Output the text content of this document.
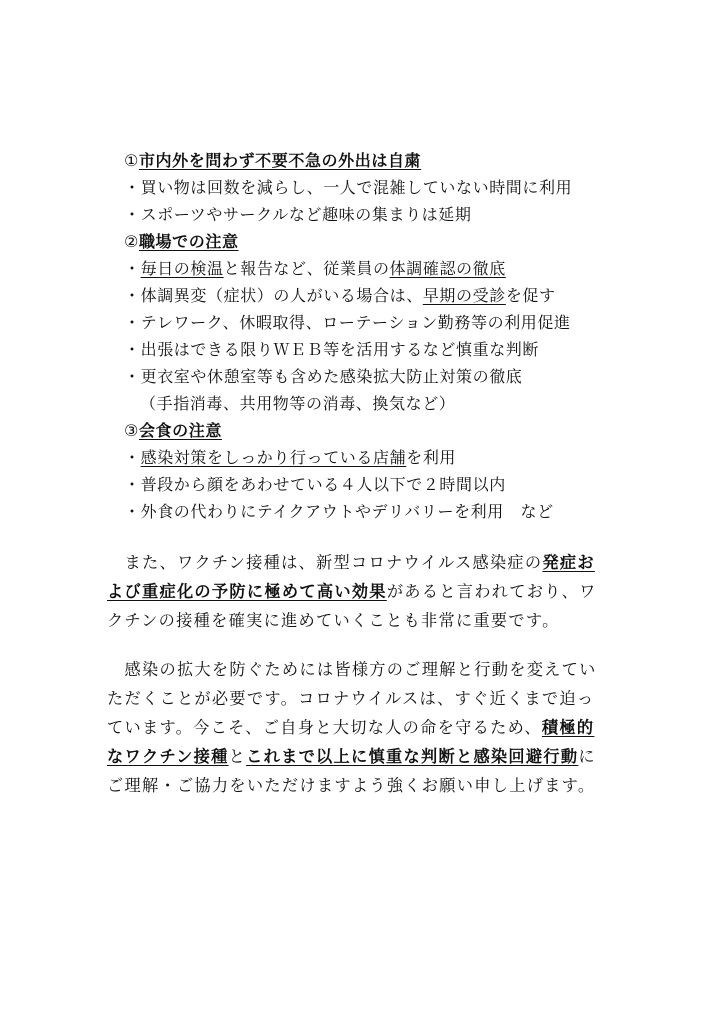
①市内外を問わず不要不急の外出は自粛
・買い物は回数を減らし、一人で混雑していない時間に利用
・スポーツやサークルなど趣味の集まりは延期
②職場での注意
・毎日の検温と報告など、従業員の体調確認の徹底
・体調異変（症状）の人がいる場合は、早期の受診を促す
・テレワーク、休暇取得、ローテーション勤務等の利用促進
・出張はできる限りＷＥＢ等を活用するなど慎重な判断
・更衣室や休憩室等も含めた感染拡大防止対策の徹底
（手指消毒、共用物等の消毒、換気など）
③会食の注意
・感染対策をしっかり行っている店舗を利用
・普段から顔をあわせている４人以下で２時間以内
・外食の代わりにテイクアウトやデリバリーを利用　など
　また、ワクチン接種は、新型コロナウイルス感染症の発症お
よび重症化の予防に極めて高い効果があると言われており、ワ
クチンの接種を確実に進めていくことも非常に重要です。
　感染の拡大を防ぐためには皆様方のご理解と行動を変えてい
ただくことが必要です。コロナウイルスは、すぐ近くまで迫っ
ています。今こそ、ご自身と大切な人の命を守るため、積極的
なワクチン接種とこれまで以上に慎重な判断と感染回避行動に
ご理解・ご協力をいただけますよう強くお願い申し上げます。
